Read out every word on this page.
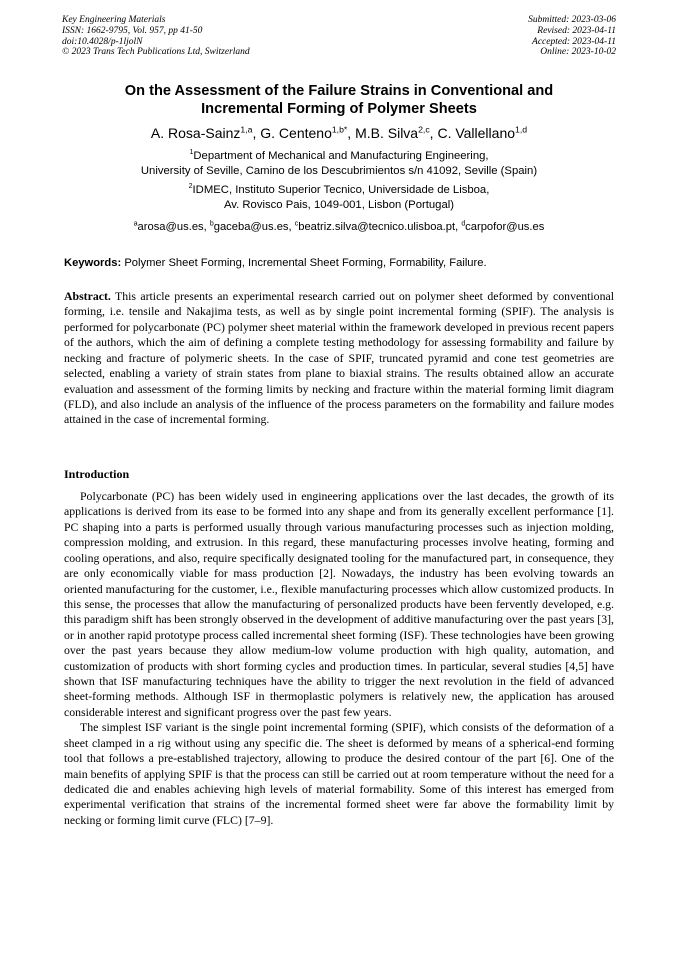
Key Engineering Materials
ISSN: 1662-9795, Vol. 957, pp 41-50
doi:10.4028/p-1ljolN
© 2023 Trans Tech Publications Ltd, Switzerland
Submitted: 2023-03-06
Revised: 2023-04-11
Accepted: 2023-04-11
Online: 2023-10-02
On the Assessment of the Failure Strains in Conventional and
Incremental Forming of Polymer Sheets
A. Rosa-Sainz$^{1,a}$, G. Centeno$^{1,b*}$, M.B. Silva$^{2,c}$, C. Vallellano$^{1,d}$
$^1$Department of Mechanical and Manufacturing Engineering,
University of Seville, Camino de los Descubrimientos s/n 41092, Seville (Spain)
$^2$IDMEC, Instituto Superior Tecnico, Universidade de Lisboa,
Av. Rovisco Pais, 1049-001, Lisbon (Portugal)
$^a$arosa@us.es, $^b$gaceba@us.es, $^c$beatriz.silva@tecnico.ulisboa.pt, $^d$carpofor@us.es
Keywords: Polymer Sheet Forming, Incremental Sheet Forming, Formability, Failure.

Abstract. This article presents an experimental research carried out on polymer sheet deformed by conventional forming, i.e. tensile and Nakajima tests, as well as by single point incremental forming (SPIF). The analysis is performed for polycarbonate (PC) polymer sheet material within the framework developed in previous recent papers of the authors, which the aim of defining a complete testing methodology for assessing formability and failure by necking and fracture of polymeric sheets. In the case of SPIF, truncated pyramid and cone test geometries are selected, enabling a variety of strain states from plane to biaxial strains. The results obtained allow an accurate evaluation and assessment of the forming limits by necking and fracture within the material forming limit diagram (FLD), and also include an analysis of the influence of the process parameters on the formability and failure modes attained in the case of incremental forming.

Introduction

Polycarbonate (PC) has been widely used in engineering applications over the last decades, the growth of its applications is derived from its ease to be formed into any shape and from its generally excellent performance [1]. PC shaping into a parts is performed usually through various manufacturing processes such as injection molding, compression molding, and extrusion. In this regard, these manufacturing processes involve heating, forming and cooling operations, and also, require specifically designated tooling for the manufactured part, in consequence, they are only economically viable for mass production [2]. Nowadays, the industry has been evolving towards an oriented manufacturing for the customer, i.e., flexible manufacturing processes which allow customized products. In this sense, the processes that allow the manufacturing of personalized products have been fervently developed, e.g. this paradigm shift has been strongly observed in the development of additive manufacturing over the past years [3], or in another rapid prototype process called incremental sheet forming (ISF). These technologies have been growing over the past years because they allow medium-low volume production with high quality, automation, and customization of products with short forming cycles and production times. In particular, several studies [4,5] have shown that ISF manufacturing techniques have the ability to trigger the next revolution in the field of advanced sheet-forming methods. Although ISF in thermoplastic polymers is relatively new, the application has aroused considerable interest and significant progress over the past few years.

The simplest ISF variant is the single point incremental forming (SPIF), which consists of the deformation of a sheet clamped in a rig without using any specific die. The sheet is deformed by means of a spherical-end forming tool that follows a pre-established trajectory, allowing to produce the desired contour of the part [6]. One of the main benefits of applying SPIF is that the process can still be carried out at room temperature without the need for a dedicated die and enables achieving high levels of material formability. Some of this interest has emerged from experimental verification that strains of the incremental formed sheet were far above the formability limit by necking or forming limit curve (FLC) [7–9].
